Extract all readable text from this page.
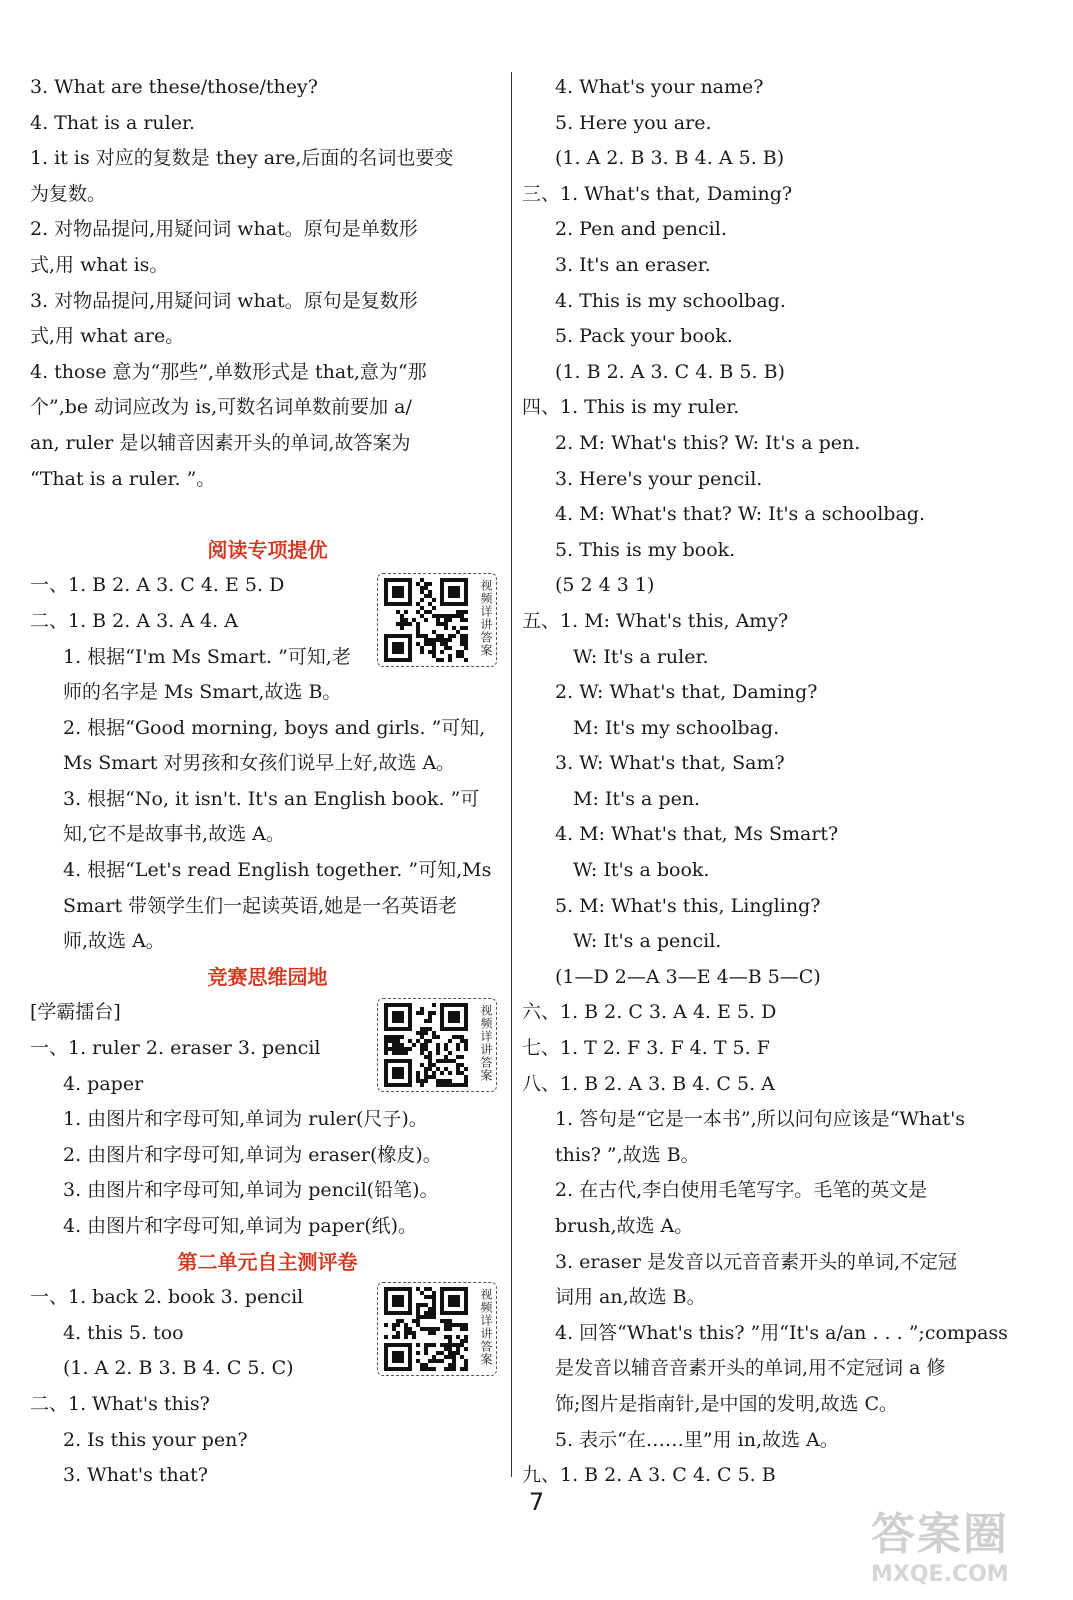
3. What are these/those/they?
4. That is a ruler.
1. it is 对应的复数是 they are,后面的名词也要变
为复数。
2. 对物品提问,用疑问词 what。原句是单数形
式,用 what is。
3. 对物品提问,用疑问词 what。原句是复数形
式,用 what are。
4. those 意为“那些”,单数形式是 that,意为“那
个”,be 动词应改为 is,可数名词单数前要加 a/
an, ruler 是以辅音因素开头的单词,故答案为
“That is a ruler. ”。
阅读专项提优
一、1. B 2. A 3. C 4. E 5. D
二、1. B 2. A 3. A 4. A
1. 根据“I'm Ms Smart. ”可知,老
师的名字是 Ms Smart,故选 B。
2. 根据“Good morning, boys and girls. ”可知,
Ms Smart 对男孩和女孩们说早上好,故选 A。
3. 根据“No, it isn't. It's an English book. ”可
知,它不是故事书,故选 A。
4. 根据“Let's read English together. ”可知,Ms
Smart 带领学生们一起读英语,她是一名英语老
师,故选 A。
竞赛思维园地
[学霸擂台]
一、1. ruler 2. eraser 3. pencil
4. paper
1. 由图片和字母可知,单词为 ruler(尺子)。
2. 由图片和字母可知,单词为 eraser(橡皮)。
3. 由图片和字母可知,单词为 pencil(铅笔)。
4. 由图片和字母可知,单词为 paper(纸)。
第二单元自主测评卷
一、1. back 2. book 3. pencil
4. this 5. too
(1. A 2. B 3. B 4. C 5. C)
二、1. What's this?
2. Is this your pen?
3. What's that?
4. What's your name?
5. Here you are.
(1. A 2. B 3. B 4. A 5. B)
三、1. What's that, Daming?
2. Pen and pencil.
3. It's an eraser.
4. This is my schoolbag.
5. Pack your book.
(1. B 2. A 3. C 4. B 5. B)
四、1. This is my ruler.
2. M: What's this? W: It's a pen.
3. Here's your pencil.
4. M: What's that? W: It's a schoolbag.
5. This is my book.
(5 2 4 3 1)
五、1. M: What's this, Amy?
W: It's a ruler.
2. W: What's that, Daming?
M: It's my schoolbag.
3. W: What's that, Sam?
M: It's a pen.
4. M: What's that, Ms Smart?
W: It's a book.
5. M: What's this, Lingling?
W: It's a pencil.
(1—D 2—A 3—E 4—B 5—C)
六、1. B 2. C 3. A 4. E 5. D
七、1. T 2. F 3. F 4. T 5. F
八、1. B 2. A 3. B 4. C 5. A
1. 答句是“它是一本书”,所以问句应该是“What's
this? ”,故选 B。
2. 在古代,李白使用毛笔写字。毛笔的英文是
brush,故选 A。
3. eraser 是发音以元音音素开头的单词,不定冠
词用 an,故选 B。
4. 回答“What's this? ”用“It's a/an . . . ”;compass
是发音以辅音音素开头的单词,用不定冠词 a 修
饰;图片是指南针,是中国的发明,故选 C。
5. 表示“在……里”用 in,故选 A。
九、1. B 2. A 3. C 4. C 5. B
视频详讲答案
视频详讲答案
视频详讲答案
7
答案圈
MXQE.COM
